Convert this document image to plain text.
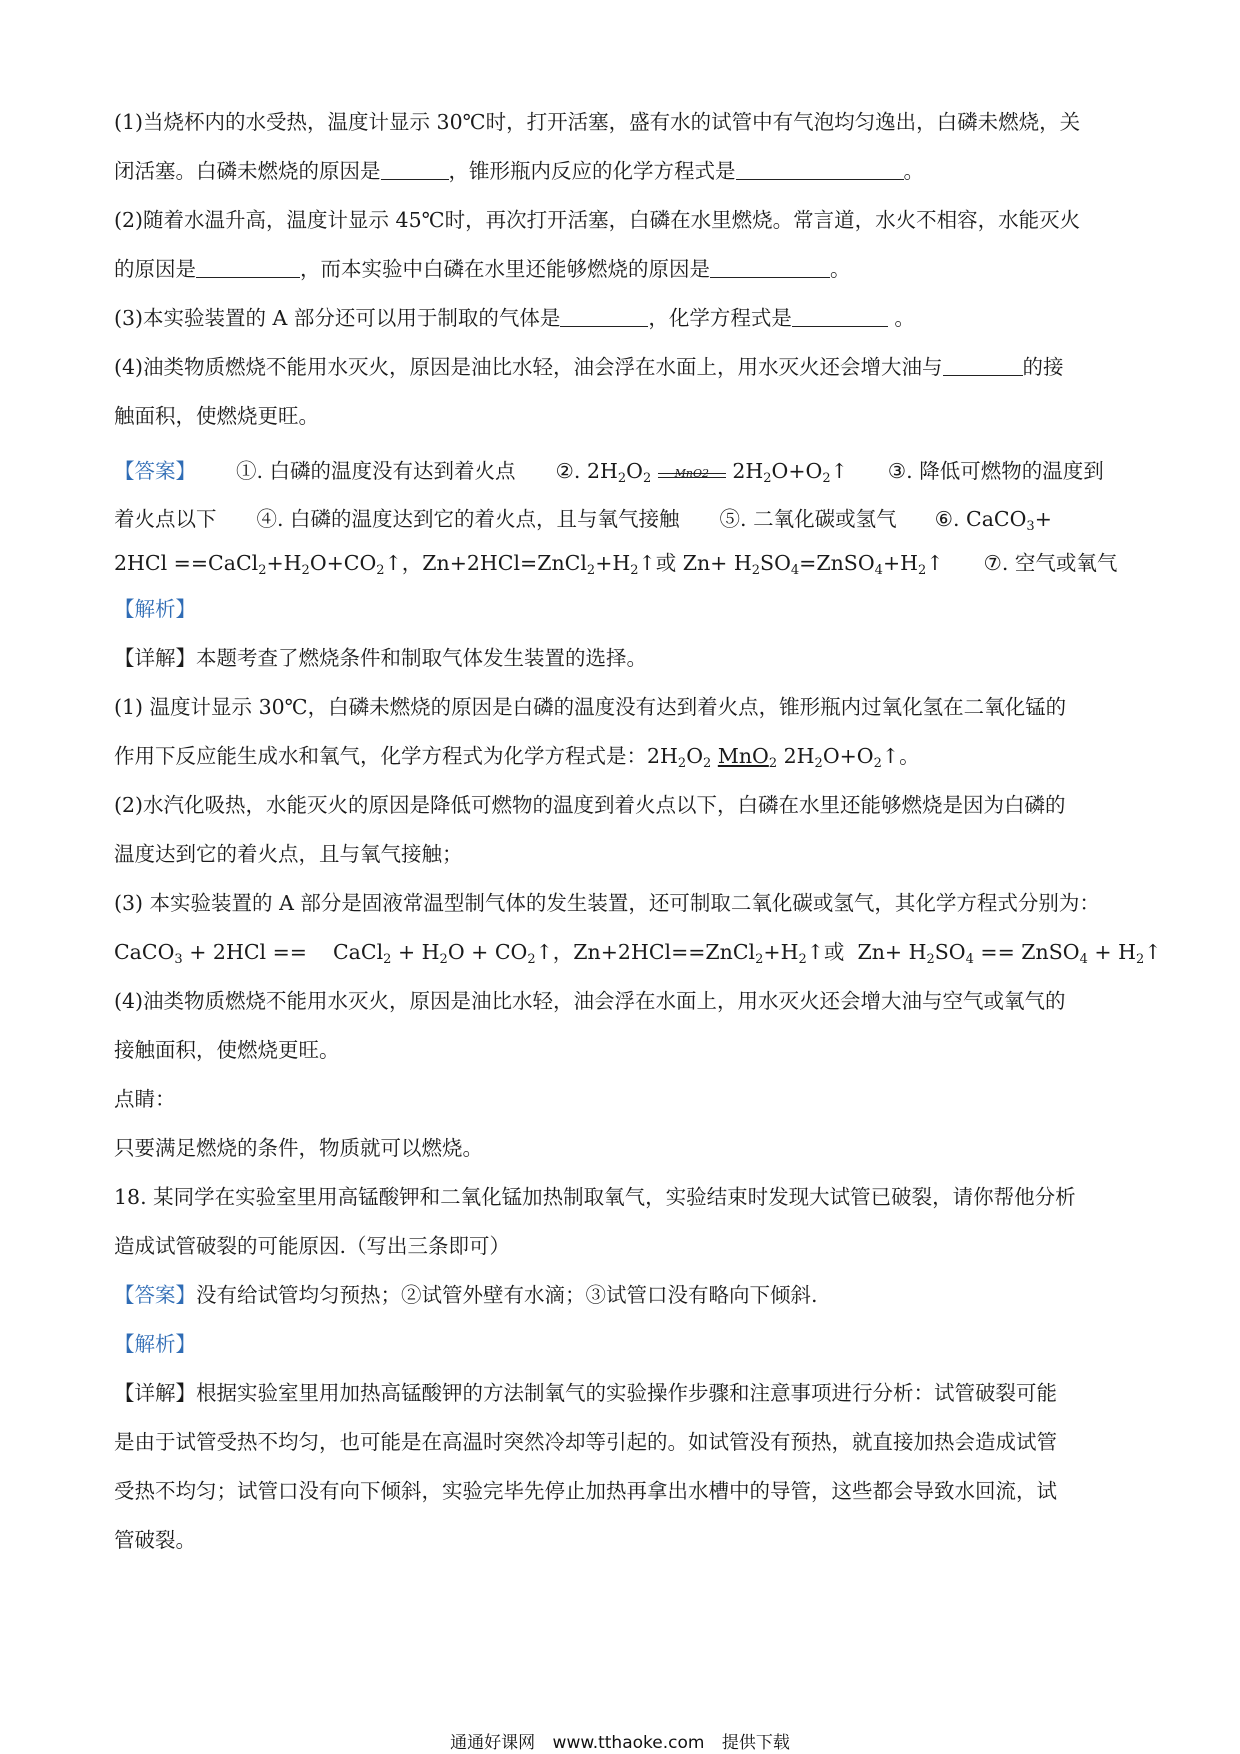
(1)当烧杯内的水受热，温度计显示 30℃时，打开活塞，盛有水的试管中有气泡均匀逸出，白磷未燃烧，关
闭活塞。白磷未燃烧的原因是	，锥形瓶内反应的化学方程式是	。
(2)随着水温升高，温度计显示 45℃时，再次打开活塞，白磷在水里燃烧。常言道，水火不相容，水能灭火
的原因是	，而本实验中白磷在水里还能够燃烧的原因是	。
(3)本实验装置的 A 部分还可以用于制取的气体是	，化学方程式是	。
(4)油类物质燃烧不能用水灭火，原因是油比水轻，油会浮在水面上，用水灭火还会增大油与	的接
触面积，使燃烧更旺。
【答案】 ①. 白磷的温度没有达到着火点 ②. $2H_2O_2$	MnO2 $2H_2O+O_2↑$ ③. 降低可燃物的温度到
着火点以下 ④. 白磷的温度达到它的着火点，且与氧气接触 ⑤. 二氧化碳或氢气 ⑥. CaCO$_3$+
$2HCl ==CaCl_2+H_2O+CO_2↑$，$Zn+2HCl=ZnCl_2+H_2↑$或 $Zn+ H_2SO_4=ZnSO_4+H_2↑$ ⑦. 空气或氧气
【解析】
【详解】本题考查了燃烧条件和制取气体发生装置的选择。
(1) 温度计显示 30℃，白磷未燃烧的原因是白磷的温度没有达到着火点，锥形瓶内过氧化氢在二氧化锰的
作用下反应能生成水和氧气，化学方程式为化学方程式是：$2H_2O_2$ MnO$_2$ $2H_2O+O_2↑$。
(2)水汽化吸热，水能灭火的原因是降低可燃物的温度到着火点以下，白磷在水里还能够燃烧是因为白磷的
温度达到它的着火点，且与氧气接触；
(3) 本实验装置的 A 部分是固液常温型制气体的发生装置，还可制取二氧化碳或氢气，其化学方程式分别为：
CaCO$_3$ + 2HCl ==    CaCl$_2$ + $H_2O$ + $CO_2↑$，$Zn+2HCl==ZnCl_2+H_2↑$或  $Zn+ H_2SO_4$ == ZnSO$_4$ + $H_2↑$
(4)油类物质燃烧不能用水灭火，原因是油比水轻，油会浮在水面上，用水灭火还会增大油与空气或氧气的
接触面积，使燃烧更旺。
点睛：
只要满足燃烧的条件，物质就可以燃烧。
18. 某同学在实验室里用高锰酸钾和二氧化锰加热制取氧气，实验结束时发现大试管已破裂，请你帮他分析
造成试管破裂的可能原因.（写出三条即可）
【答案】没有给试管均匀预热；②试管外壁有水滴；③试管口没有略向下倾斜.
【解析】
【详解】根据实验室里用加热高锰酸钾的方法制氧气的实验操作步骤和注意事项进行分析：试管破裂可能
是由于试管受热不均匀，也可能是在高温时突然冷却等引起的。如试管没有预热，就直接加热会造成试管
受热不均匀；试管口没有向下倾斜，实验完毕先停止加热再拿出水槽中的导管，这些都会导致水回流，试
管破裂。
通通好课网 www.tthaoke.com 提供下载
